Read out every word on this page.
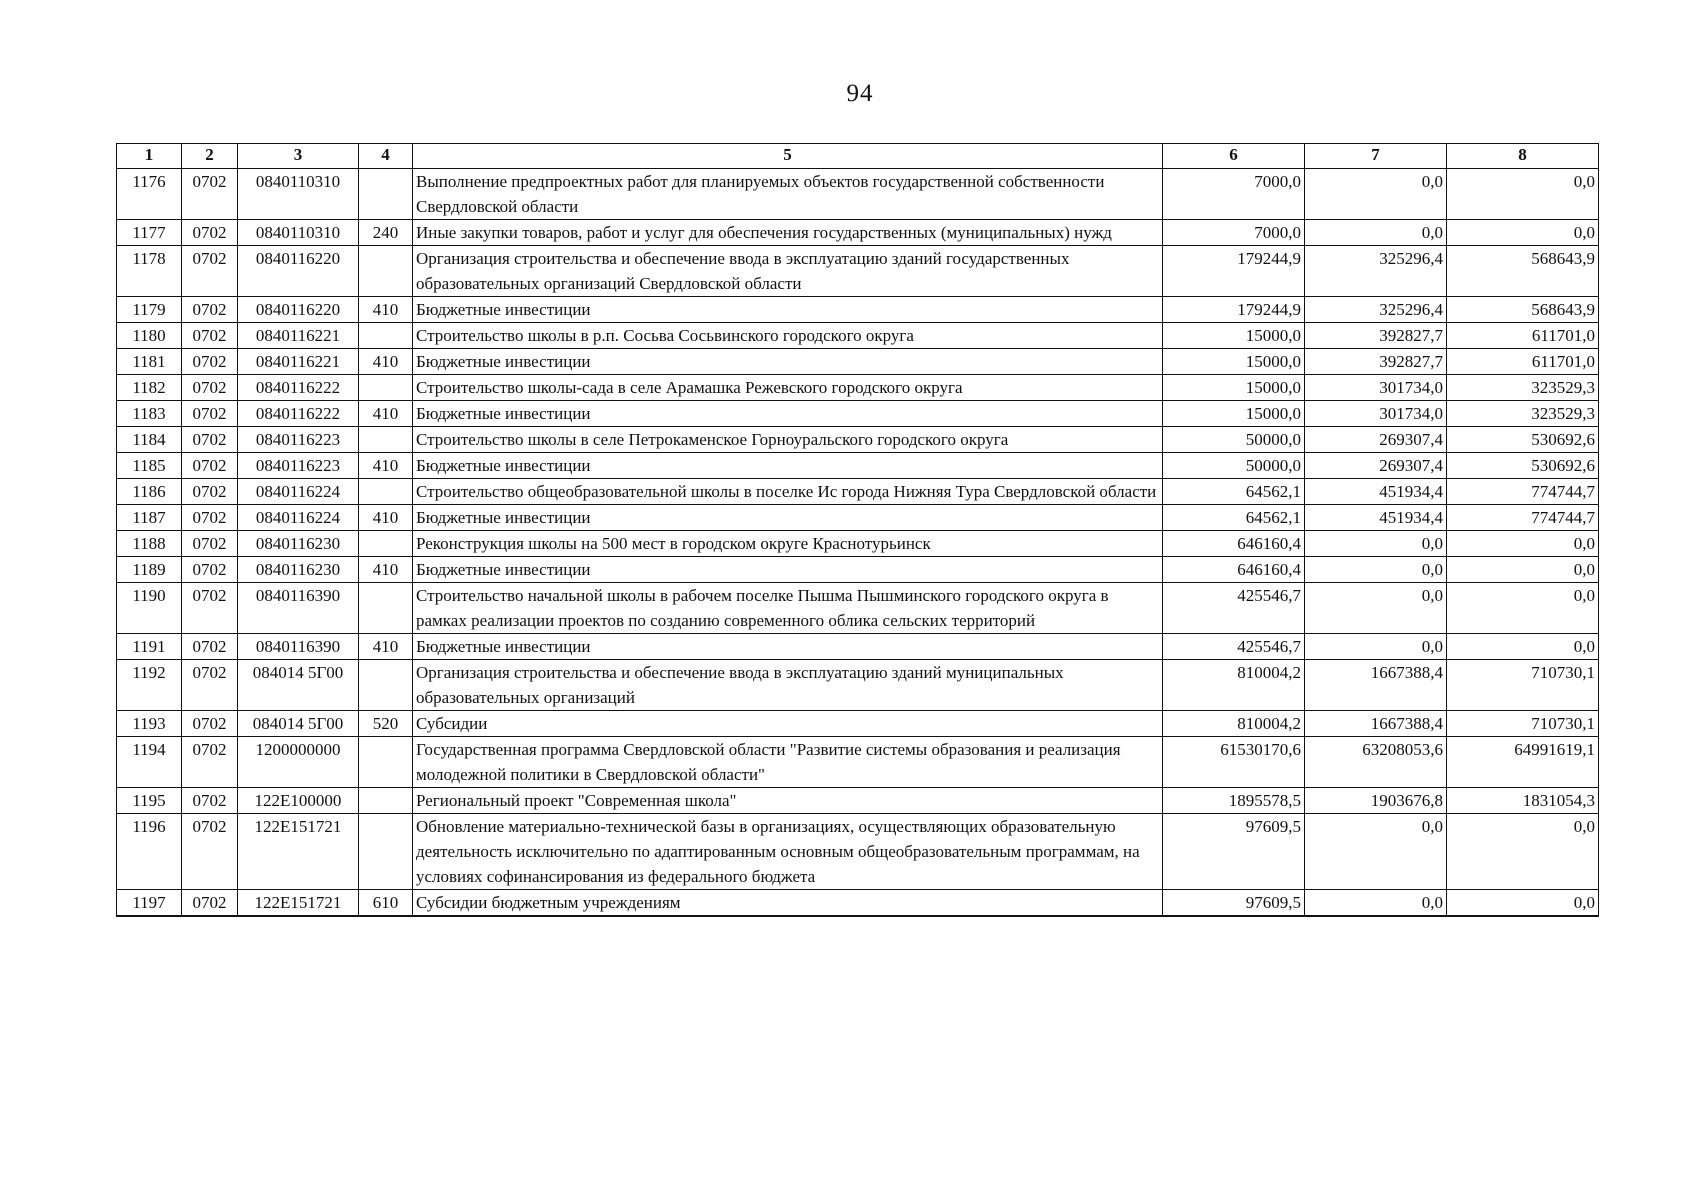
94
1	2	3	4	5	6	7	8
1176	0702	0840110310		Выполнение предпроектных работ для планируемых объектов государственной собственности Свердловской области	7000,0	0,0	0,0
1177	0702	0840110310	240	Иные закупки товаров, работ и услуг для обеспечения государственных (муниципальных) нужд	7000,0	0,0	0,0
1178	0702	0840116220		Организация строительства и обеспечение ввода в эксплуатацию зданий государственных образовательных организаций Свердловской области	179244,9	325296,4	568643,9
1179	0702	0840116220	410	Бюджетные инвестиции	179244,9	325296,4	568643,9
1180	0702	0840116221		Строительство школы в р.п. Сосьва Сосьвинского городского округа	15000,0	392827,7	611701,0
1181	0702	0840116221	410	Бюджетные инвестиции	15000,0	392827,7	611701,0
1182	0702	0840116222		Строительство школы-сада в селе Арамашка Режевского городского округа	15000,0	301734,0	323529,3
1183	0702	0840116222	410	Бюджетные инвестиции	15000,0	301734,0	323529,3
1184	0702	0840116223		Строительство школы в селе Петрокаменское Горноуральского городского округа	50000,0	269307,4	530692,6
1185	0702	0840116223	410	Бюджетные инвестиции	50000,0	269307,4	530692,6
1186	0702	0840116224		Строительство общеобразовательной школы в поселке Ис города Нижняя Тура Свердловской области	64562,1	451934,4	774744,7
1187	0702	0840116224	410	Бюджетные инвестиции	64562,1	451934,4	774744,7
1188	0702	0840116230		Реконструкция школы на 500 мест в городском округе Краснотурьинск	646160,4	0,0	0,0
1189	0702	0840116230	410	Бюджетные инвестиции	646160,4	0,0	0,0
1190	0702	0840116390		Строительство начальной школы в рабочем поселке Пышма Пышминского городского округа в рамках реализации проектов по созданию современного облика сельских территорий	425546,7	0,0	0,0
1191	0702	0840116390	410	Бюджетные инвестиции	425546,7	0,0	0,0
1192	0702	084014 5Г00		Организация строительства и обеспечение ввода в эксплуатацию зданий муниципальных образовательных организаций	810004,2	1667388,4	710730,1
1193	0702	084014 5Г00	520	Субсидии	810004,2	1667388,4	710730,1
1194	0702	1200000000		Государственная программа Свердловской области "Развитие системы образования и реализация молодежной политики в Свердловской области"	61530170,6	63208053,6	64991619,1
1195	0702	122E100000		Региональный проект "Современная школа"	1895578,5	1903676,8	1831054,3
1196	0702	122E151721		Обновление материально-технической базы в организациях, осуществляющих образовательную деятельность исключительно по адаптированным основным общеобразовательным программам, на условиях софинансирования из федерального бюджета	97609,5	0,0	0,0
1197	0702	122E151721	610	Субсидии бюджетным учреждениям	97609,5	0,0	0,0
